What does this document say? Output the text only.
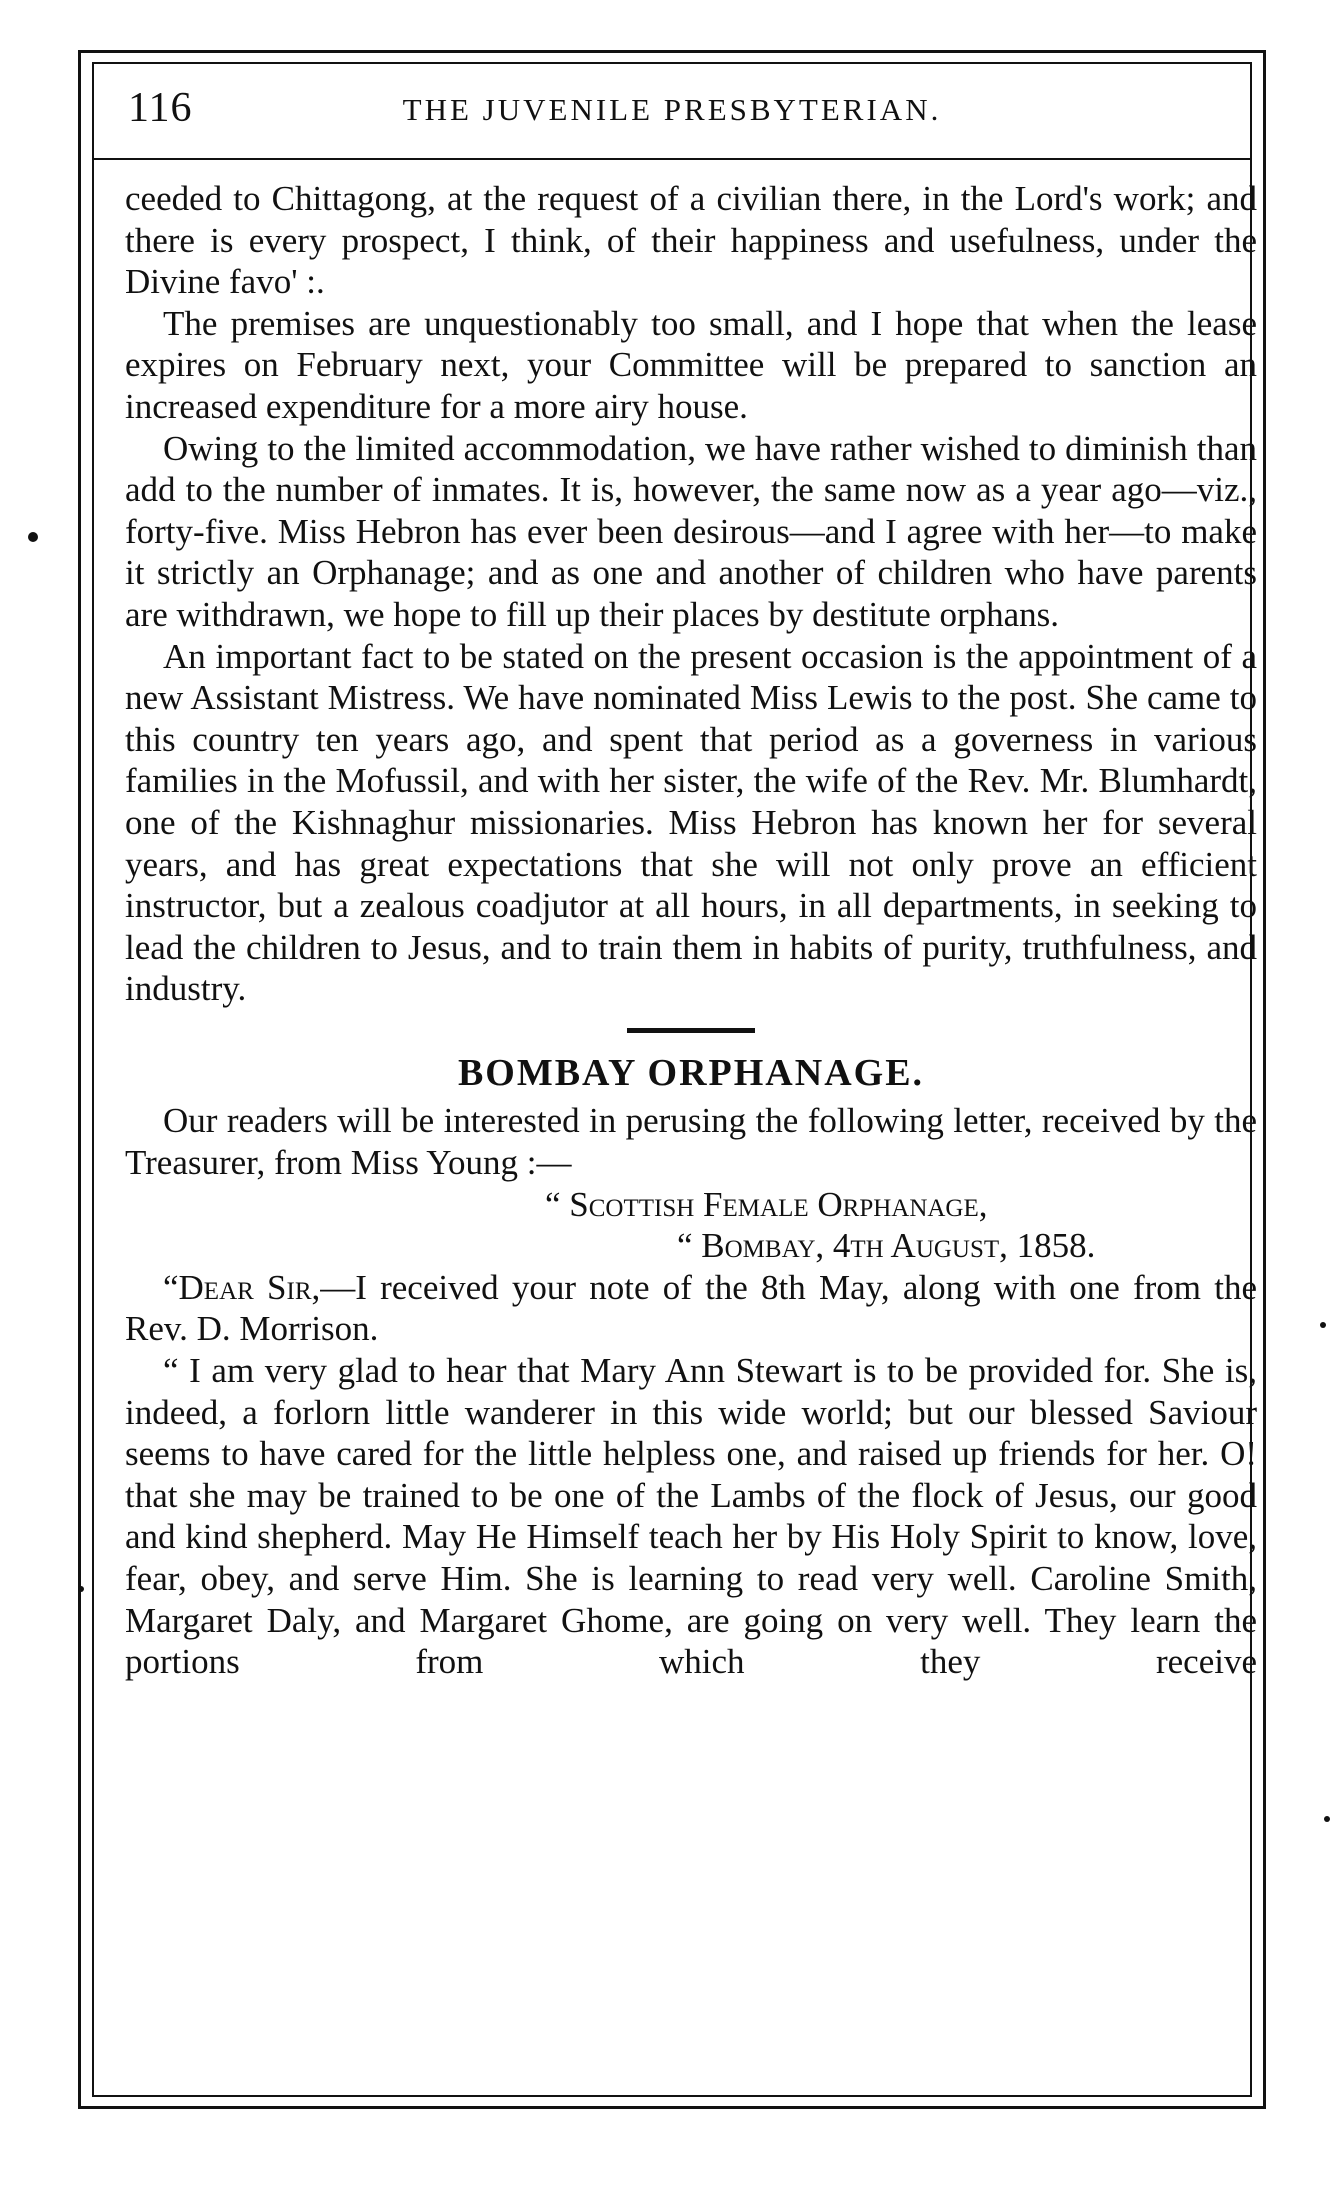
116	THE JUVENILE PRESBYTERIAN.

ceeded to Chittagong, at the request of a civilian there, in the Lord's work; and there is every prospect, I think, of their happiness and usefulness, under the Divine favo' :.

The premises are unquestionably too small, and I hope that when the lease expires on February next, your Committee will be prepared to sanction an increased expenditure for a more airy house.

Owing to the limited accommodation, we have rather wished to diminish than add to the number of inmates. It is, however, the same now as a year ago—viz., forty-five. Miss Hebron has ever been desirous—and I agree with her—to make it strictly an Orphanage; and as one and another of children who have parents are withdrawn, we hope to fill up their places by destitute orphans.

An important fact to be stated on the present occasion is the appointment of a new Assistant Mistress. We have nominated Miss Lewis to the post. She came to this country ten years ago, and spent that period as a governess in various families in the Mofussil, and with her sister, the wife of the Rev. Mr. Blumhardt, one of the Kishnaghur missionaries. Miss Hebron has known her for several years, and has great expectations that she will not only prove an efficient instructor, but a zealous coadjutor at all hours, in all departments, in seeking to lead the children to Jesus, and to train them in habits of purity, truthfulness, and industry.

BOMBAY ORPHANAGE.

Our readers will be interested in perusing the following letter, received by the Treasurer, from Miss Young :—

“ Scottish Female Orphanage,

“ Bombay, 4th August, 1858.

“Dear Sir,—I received your note of the 8th May, along with one from the Rev. D. Morrison.

“ I am very glad to hear that Mary Ann Stewart is to be provided for. She is, indeed, a forlorn little wanderer in this wide world; but our blessed Saviour seems to have cared for the little helpless one, and raised up friends for her. O! that she may be trained to be one of the Lambs of the flock of Jesus, our good and kind shepherd. May He Himself teach her by His Holy Spirit to know, love, fear, obey, and serve Him. She is learning to read very well. Caroline Smith, Margaret Daly, and Margaret Ghome, are going on very well. They learn the portions from which they receive
